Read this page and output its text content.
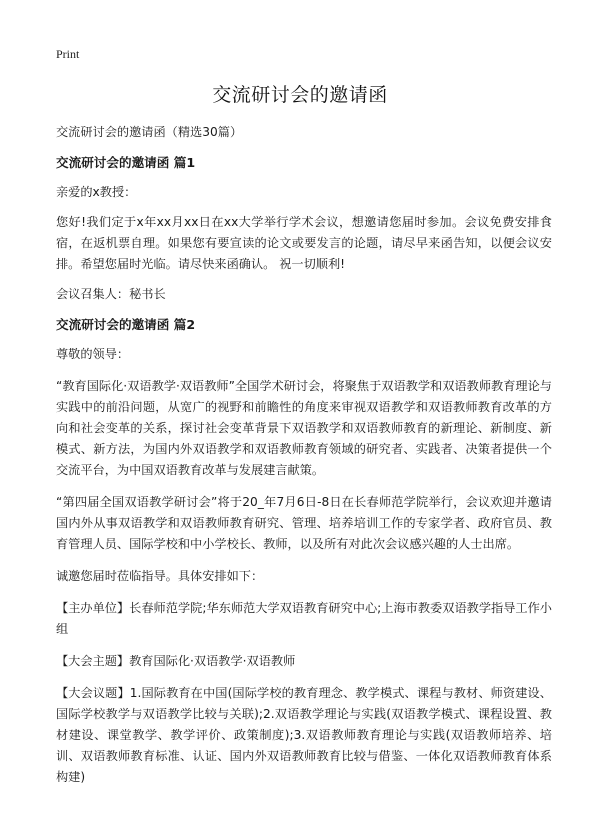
Print
交流研讨会的邀请函

交流研讨会的邀请函（精选30篇）

交流研讨会的邀请函 篇1

亲爱的x教授：

您好!我们定于x年xx月xx日在xx大学举行学术会议，想邀请您届时参加。会议免费安排食宿，在返机票自理。如果您有要宣读的论文或要发言的论题，请尽早来函告知，以便会议安排。希望您届时光临。请尽快来函确认。 祝一切顺利!

会议召集人：秘书长

交流研讨会的邀请函 篇2

尊敬的领导：

“教育国际化·双语教学·双语教师”全国学术研讨会，将聚焦于双语教学和双语教师教育理论与实践中的前沿问题，从宽广的视野和前瞻性的角度来审视双语教学和双语教师教育改革的方向和社会变革的关系，探讨社会变革背景下双语教学和双语教师教育的新理论、新制度、新模式、新方法，为国内外双语教学和双语教师教育领域的研究者、实践者、决策者提供一个交流平台，为中国双语教育改革与发展建言献策。

“第四届全国双语教学研讨会”将于20_年7月6日-8日在长春师范学院举行，会议欢迎并邀请国内外从事双语教学和双语教师教育研究、管理、培养培训工作的专家学者、政府官员、教育管理人员、国际学校和中小学校长、教师，以及所有对此次会议感兴趣的人士出席。

诚邀您届时莅临指导。具体安排如下：

【主办单位】长春师范学院;华东师范大学双语教育研究中心;上海市教委双语教学指导工作小组

【大会主题】教育国际化·双语教学·双语教师

【大会议题】1.国际教育在中国(国际学校的教育理念、教学模式、课程与教材、师资建设、国际学校教学与双语教学比较与关联);2.双语教学理论与实践(双语教学模式、课程设置、教材建设、课堂教学、教学评价、政策制度);3.双语教师教育理论与实践(双语教师培养、培训、双语教师教育标准、认证、国内外双语教师教育比较与借鉴、一体化双语教师教育体系构建)
